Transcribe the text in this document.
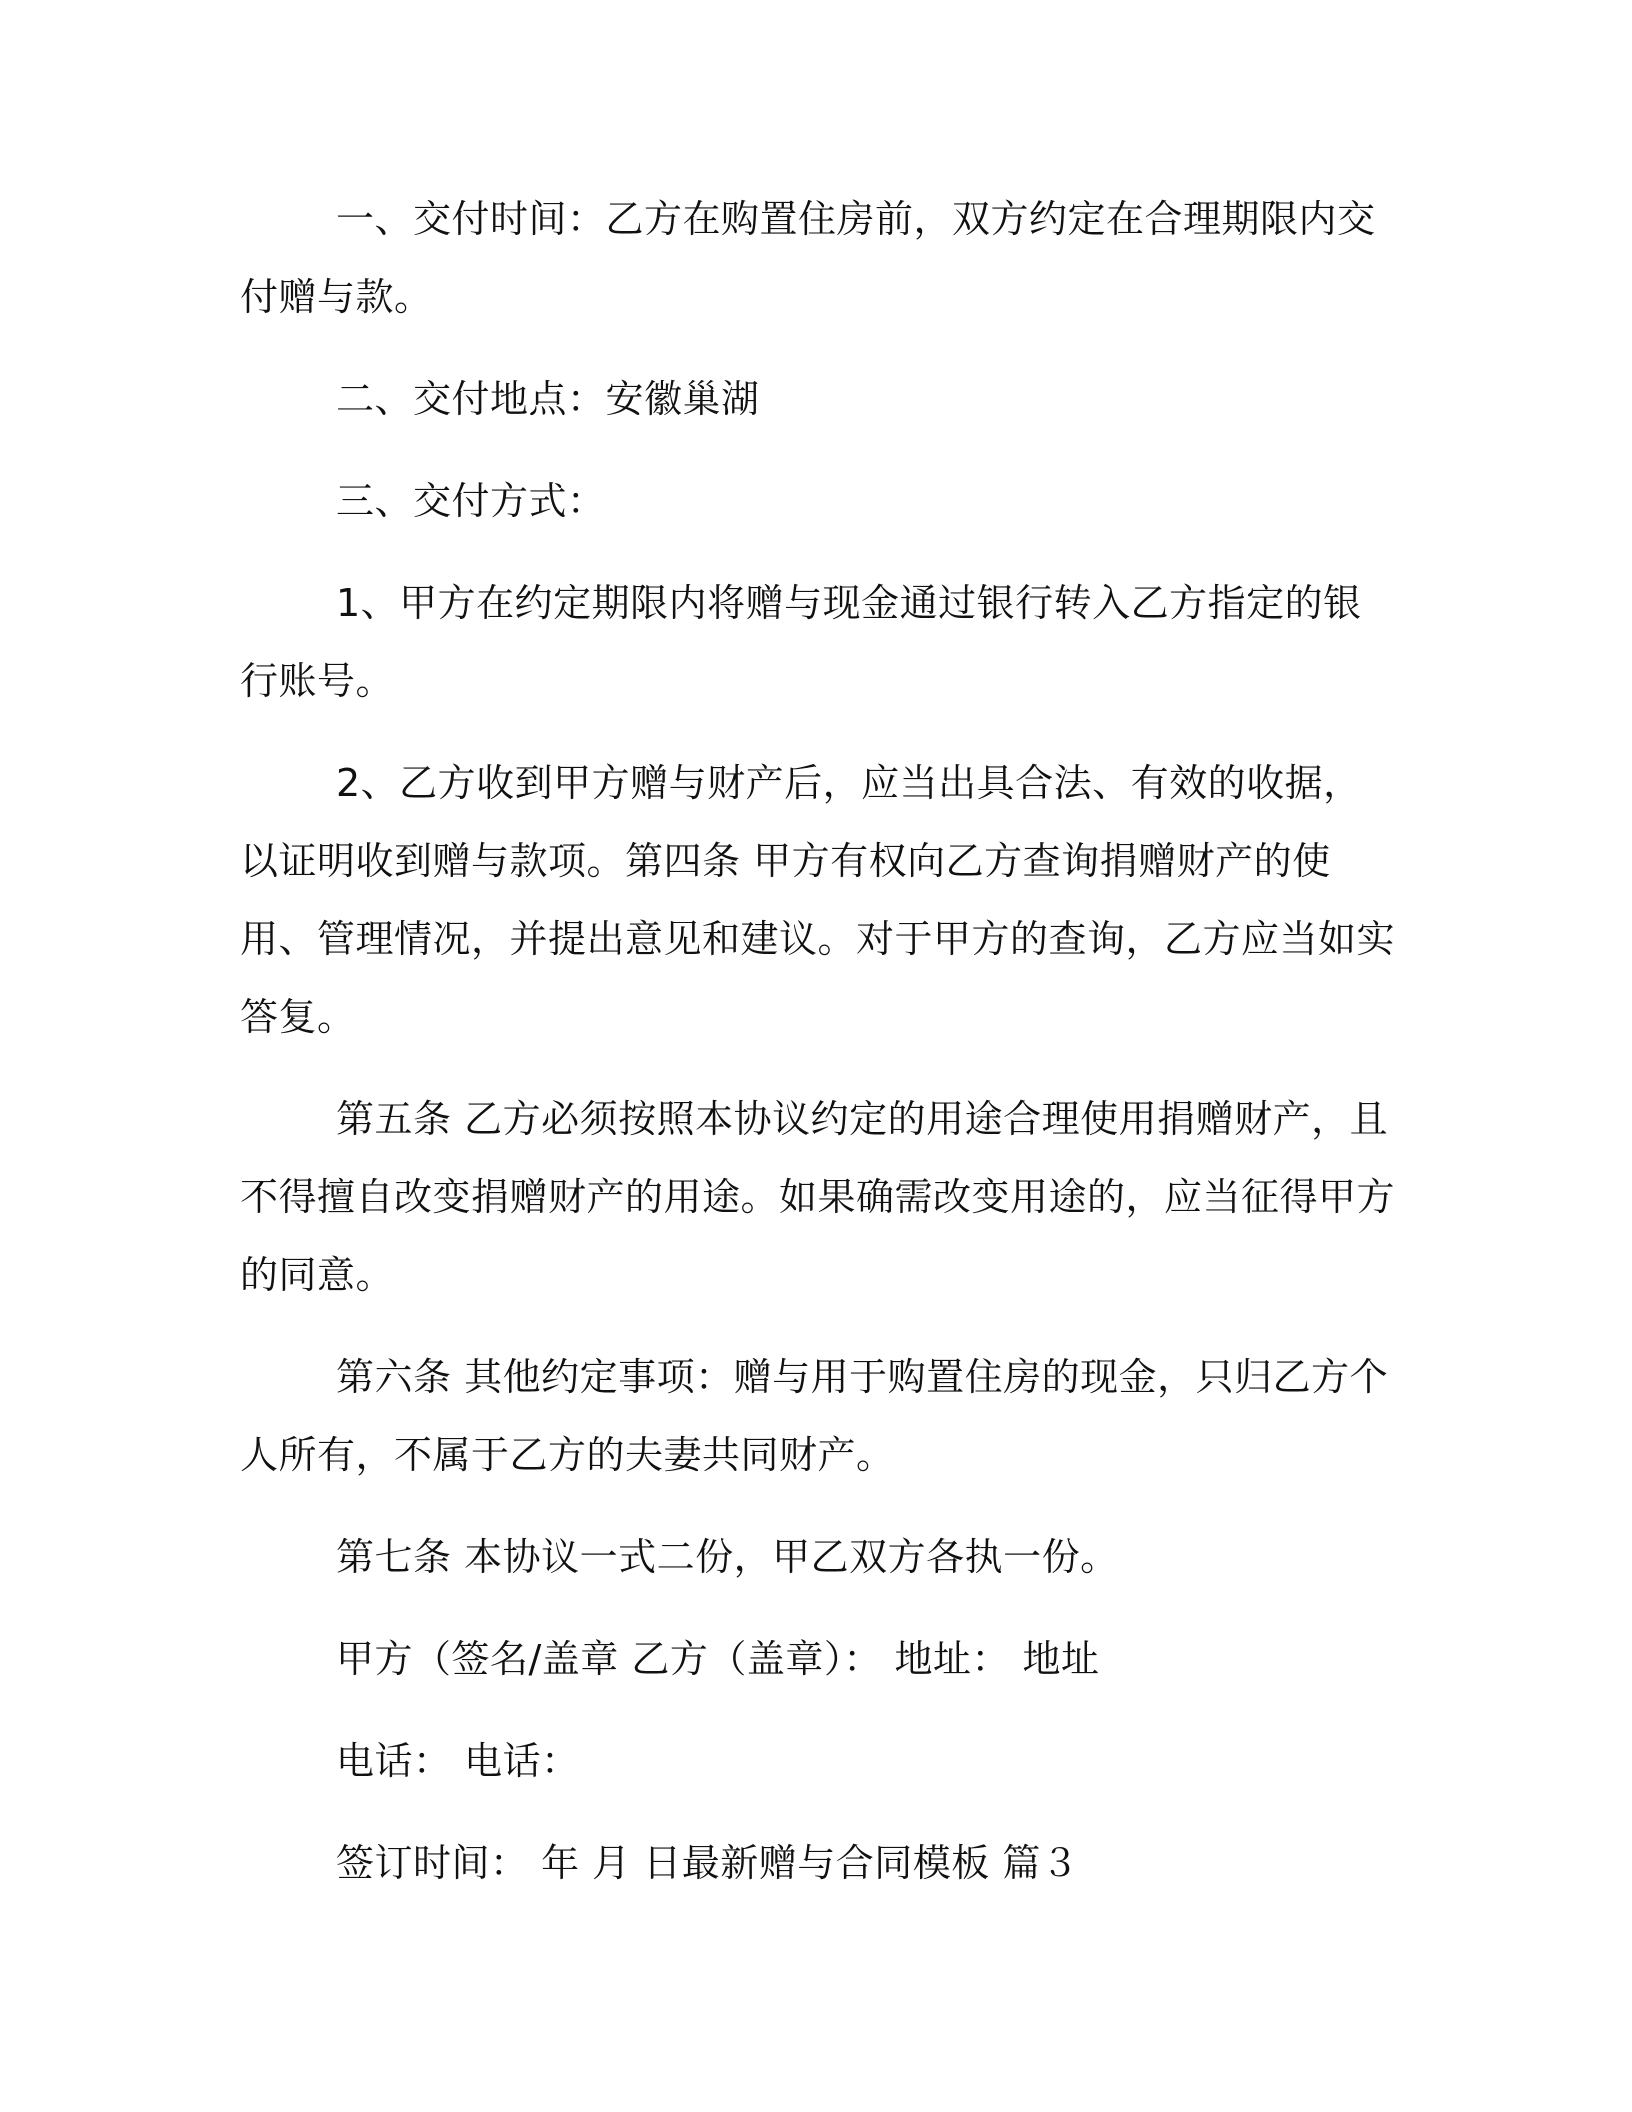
一、交付时间：乙方在购置住房前，双方约定在合理期限内交付赠与款。

二、交付地点：安徽巢湖

三、交付方式：

1、甲方在约定期限内将赠与现金通过银行转入乙方指定的银行账号。

2、乙方收到甲方赠与财产后，应当出具合法、有效的收据，以证明收到赠与款项。第四条 甲方有权向乙方查询捐赠财产的使用、管理情况，并提出意见和建议。对于甲方的查询，乙方应当如实答复。

第五条 乙方必须按照本协议约定的用途合理使用捐赠财产，且不得擅自改变捐赠财产的用途。如果确需改变用途的，应当征得甲方的同意。

第六条 其他约定事项：赠与用于购置住房的现金，只归乙方个人所有，不属于乙方的夫妻共同财产。

第七条 本协议一式二份，甲乙双方各执一份。

甲方（签名/盖章 乙方（盖章）： 地址： 地址

电话： 电话：

签订时间： 年 月 日最新赠与合同模板 篇３
